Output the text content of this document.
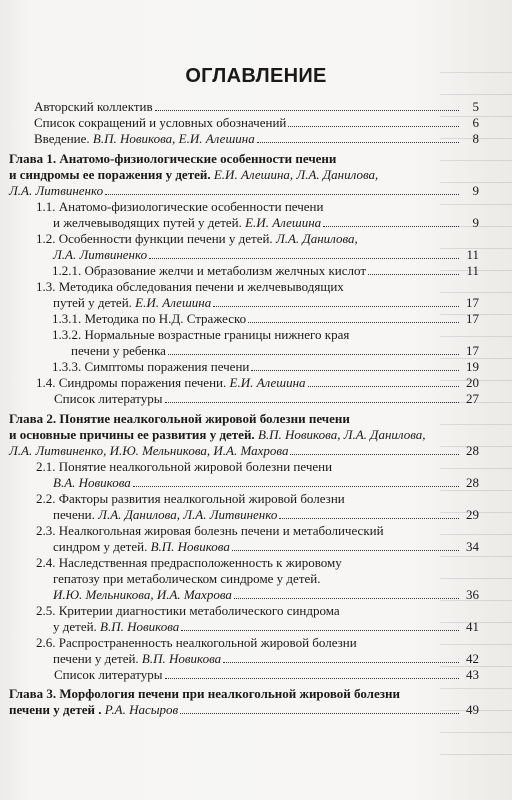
ОГЛАВЛЕНИЕ
Авторский коллектив	5
Список сокращений и условных обозначений	6
Введение. В.П. Новикова, Е.И. Алешина	8
Глава 1. Анатомо-физиологические особенности печени
и синдромы ее поражения у детей. Е.И. Алешина, Л.А. Данилова,
Л.А. Литвиненко	9
1.1. Анатомо-физиологические особенности печени
и желчевыводящих путей у детей. Е.И. Алешина	9
1.2. Особенности функции печени у детей. Л.А. Данилова,
Л.А. Литвиненко	11
1.2.1. Образование желчи и метаболизм желчных кислот	11
1.3. Методика обследования печени и желчевыводящих
путей у детей. Е.И. Алешина	17
1.3.1. Методика по Н.Д. Стражеско	17
1.3.2. Нормальные возрастные границы нижнего края
печени у ребенка	17
1.3.3. Симптомы поражения печени	19
1.4. Синдромы поражения печени. Е.И. Алешина	20
Список литературы	27
Глава 2. Понятие неалкогольной жировой болезни печени
и основные причины ее развития у детей. В.П. Новикова, Л.А. Данилова,
Л.А. Литвиненко, И.Ю. Мельникова, И.А. Махрова	28
2.1. Понятие неалкогольной жировой болезни печени
В.А. Новикова	28
2.2. Факторы развития неалкогольной жировой болезни
печени. Л.А. Данилова, Л.А. Литвиненко	29
2.3. Неалкогольная жировая болезнь печени и метаболический
синдром у детей. В.П. Новикова	34
2.4. Наследственная предрасположенность к жировому
гепатозу при метаболическом синдроме у детей.
И.Ю. Мельникова, И.А. Махрова	36
2.5. Критерии диагностики метаболического синдрома
у детей. В.П. Новикова	41
2.6. Распространенность неалкогольной жировой болезни
печени у детей. В.П. Новикова	42
Список литературы	43
Глава 3. Морфология печени при неалкогольной жировой болезни
печени у детей . Р.А. Насыров	49
